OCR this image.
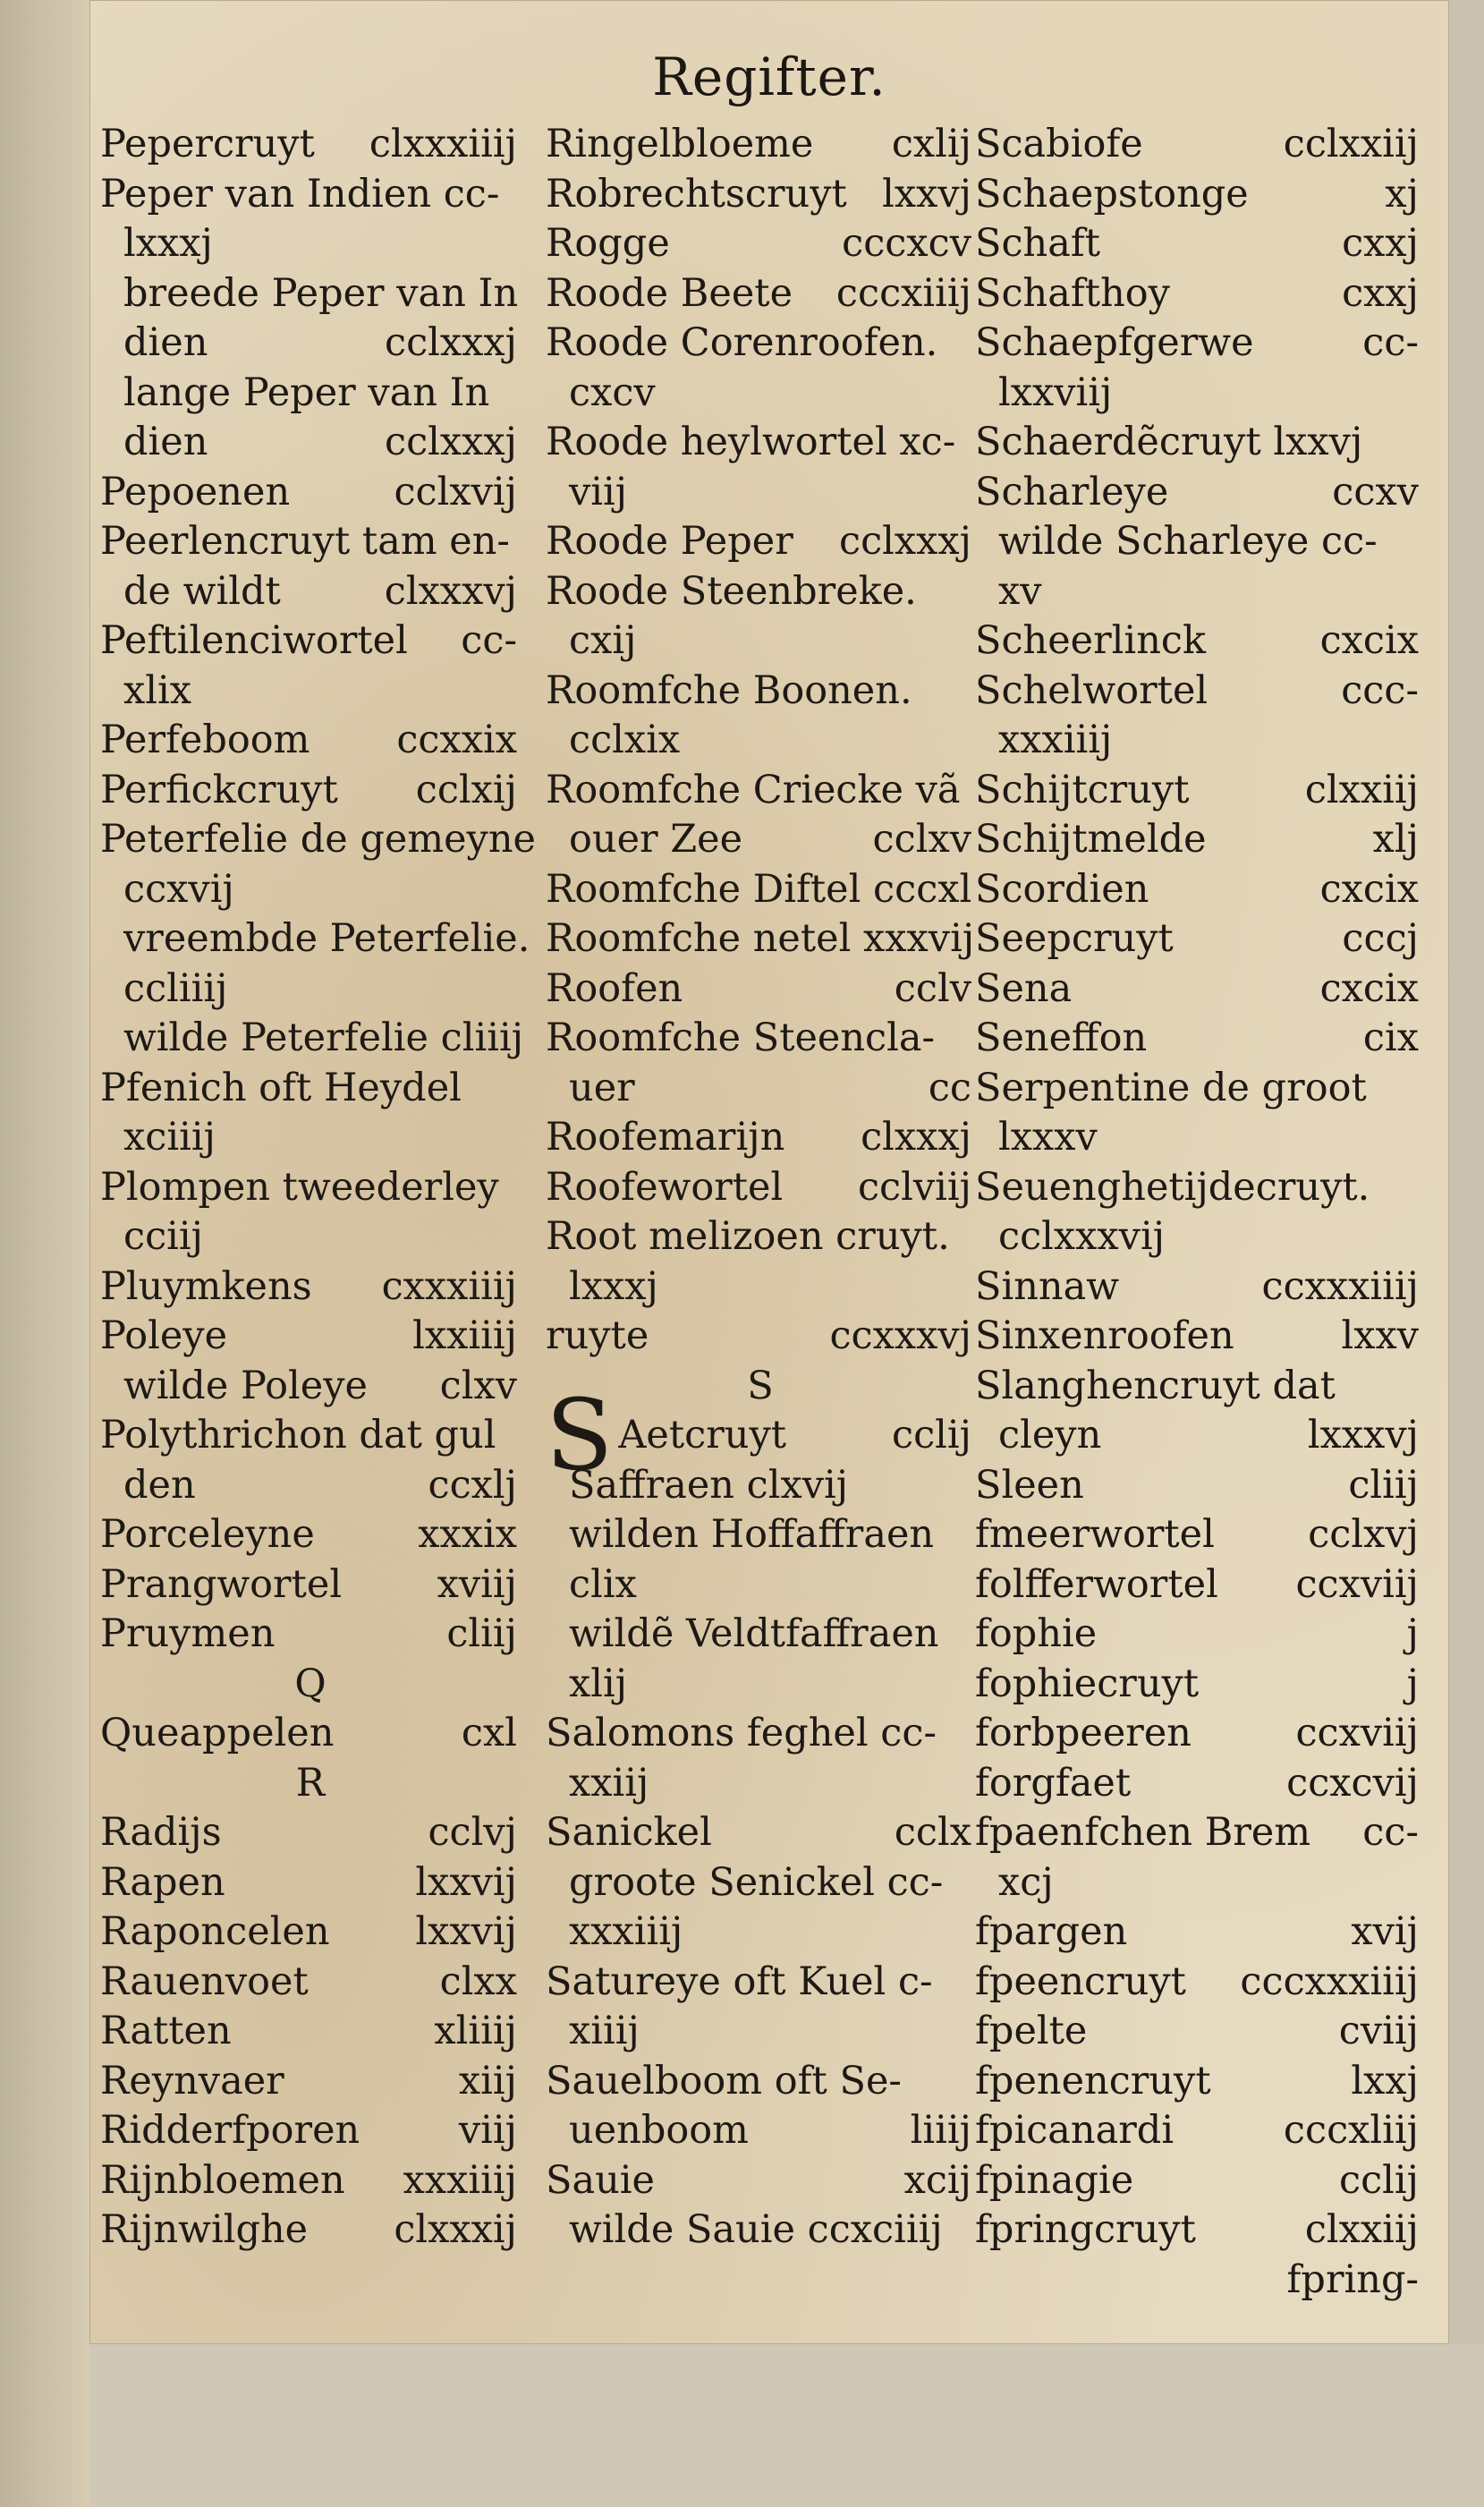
Regifter.
Pepercruyt clxxxiiij
Peper van Indien cc-
lxxxj
breede Peper van In
dien	cclxxxj
lange Peper van In
dien	cclxxxj
Pepoenen	cclxvij
Peerlencruyt tam en-
de wildt	clxxxvj
Peftilenciwortel cc-
xlix
Perfeboom ccxxix
Perfickcruyt cclxij
Peterfelie de gemeyne
ccxvij
vreembde Peterfelie.
ccliiij
wilde Peterfelie cliiij
Pfenich oft Heydel
xciiij
Plompen tweederley
cciij
Pluymkens cxxxiiij
Poleye	lxxiiij
wilde Poleye clxv
Polythrichon dat gul
den	ccxlj
Porceleyne	xxxix
Prangwortel xviij
Pruymen	cliij
Q
Queappelen	cxl
R
Radijs	cclvj
Rapen	lxxvij
Raponcelen lxxvij
Rauenvoet	clxx
Ratten	xliiij
Reynvaer	xiij
Ridderfporen	viij
Rijnbloemen xxxiiij
Rijnwilghe clxxxij
Ringelbloeme cxlij
Robrechtscruyt lxxvj
Rogge	cccxcv
Roode Beete cccxiiij
Roode Corenroofen.
cxcv
Roode heylwortel xc-
viij
Roode Peper cclxxxj
Roode Steenbreke.
cxij
Roomfche Boonen.
cclxix
Roomfche Criecke vã
ouer Zee	cclxv
Roomfche Diftel cccxl
Roomfche netel xxxvij
Roofen	cclv
Roomfche Steencla-
uer	cc
Roofemarijn clxxxj
Roofewortel cclviij
Root melizoen cruyt.
lxxxj
ruyte	ccxxxvj
S
S Aetcruyt	cclij
Saffraen clxvij
wilden Hoffaffraen
clix
wildẽ Veldtfaffraen
xlij
Salomons feghel cc-
xxiij
Sanickel	cclx
groote Senickel cc-
xxxiiij
Satureye oft Kuel c-
xiiij
Sauelboom oft Se-
uenboom	liiij
Sauie	xcij
wilde Sauie ccxciiij
Scabiofe	cclxxiij
Schaepstonge	xj
Schaft	cxxj
Schafthoy	cxxj
Schaepfgerwe	cc-
lxxviij
Schaerdẽcruyt lxxvj
Scharleye	ccxv
wilde Scharleye cc-
xv
Scheerlinck	cxcix
Schelwortel	ccc-
xxxiiij
Schijtcruyt	clxxiij
Schijtmelde	xlj
Scordien	cxcix
Seepcruyt	cccj
Sena	cxcix
Seneffon	cix
Serpentine de groot
lxxxv
Seuenghetijdecruyt.
cclxxxvij
Sinnaw	ccxxxiiij
Sinxenroofen	lxxv
Slanghencruyt dat
cleyn	lxxxvj
Sleen	cliij
fmeerwortel cclxvj
folfferwortel ccxviij
fophie	j
fophiecruyt	j
forbpeeren	ccxviij
forgfaet	ccxcvij
fpaenfchen Brem cc-
xcj
fpargen	xvij
fpeencruyt cccxxxiiij
fpelte	cviij
fpenencruyt	lxxj
fpicanardi	cccxliij
fpinagie	cclij
fpringcruyt	clxxiij
fpring-
